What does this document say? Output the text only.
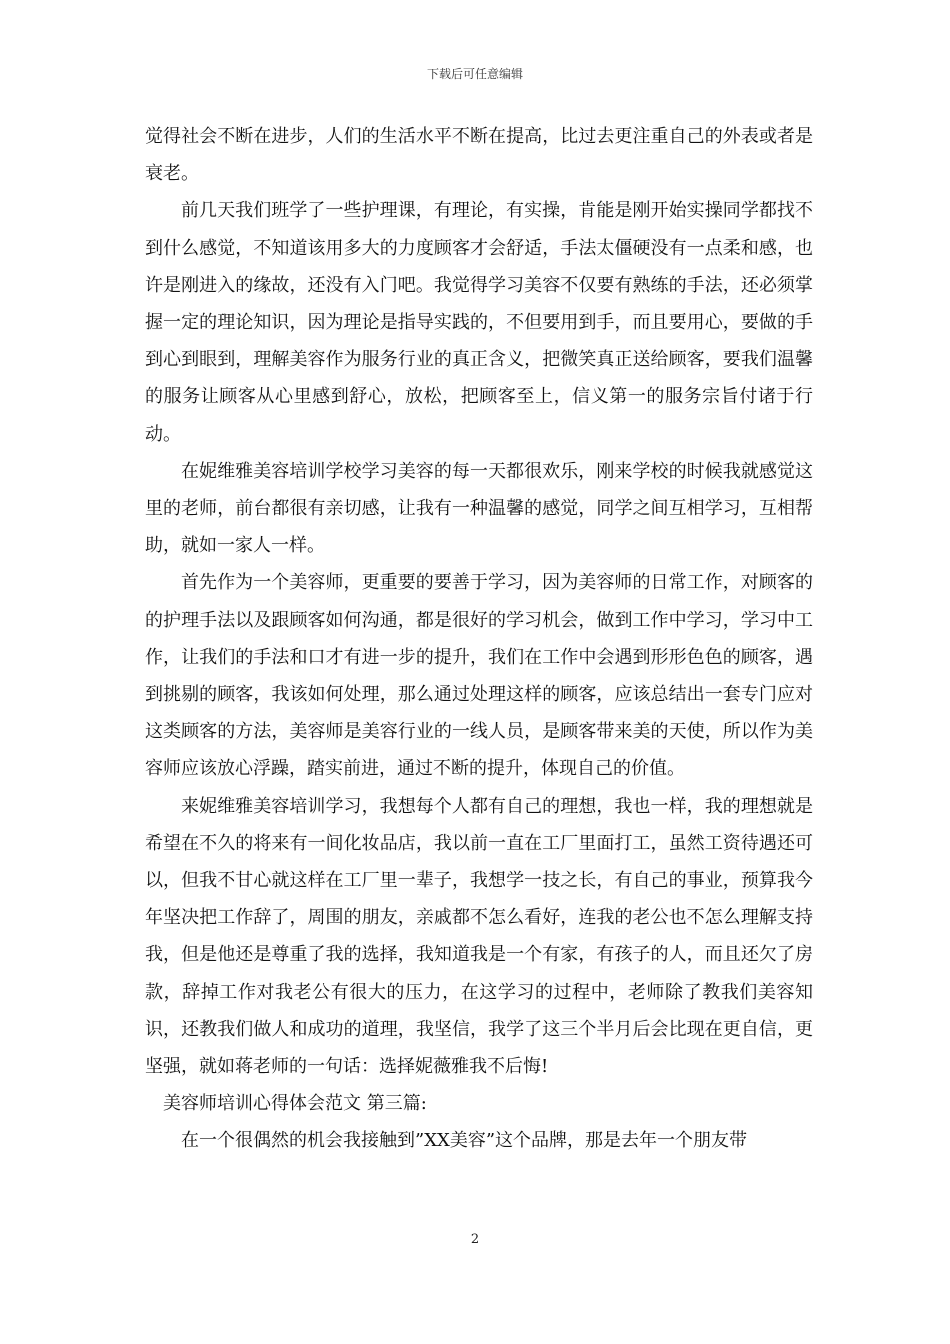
下载后可任意编辑

觉得社会不断在进步，人们的生活水平不断在提高，比过去更注重自己的外表或者是衰老。

前几天我们班学了一些护理课，有理论，有实操，肯能是刚开始实操同学都找不到什么感觉，不知道该用多大的力度顾客才会舒适，手法太僵硬没有一点柔和感，也许是刚进入的缘故，还没有入门吧。我觉得学习美容不仅要有熟练的手法，还必须掌握一定的理论知识，因为理论是指导实践的，不但要用到手，而且要用心，要做的手到心到眼到，理解美容作为服务行业的真正含义，把微笑真正送给顾客，要我们温馨的服务让顾客从心里感到舒心，放松，把顾客至上，信义第一的服务宗旨付诸于行动。

在妮维雅美容培训学校学习美容的每一天都很欢乐，刚来学校的时候我就感觉这里的老师，前台都很有亲切感，让我有一种温馨的感觉，同学之间互相学习，互相帮助，就如一家人一样。

首先作为一个美容师，更重要的要善于学习，因为美容师的日常工作，对顾客的的护理手法以及跟顾客如何沟通，都是很好的学习机会，做到工作中学习，学习中工作，让我们的手法和口才有进一步的提升，我们在工作中会遇到形形色色的顾客，遇到挑剔的顾客，我该如何处理，那么通过处理这样的顾客，应该总结出一套专门应对这类顾客的方法，美容师是美容行业的一线人员，是顾客带来美的天使，所以作为美容师应该放心浮躁，踏实前进，通过不断的提升，体现自己的价值。

来妮维雅美容培训学习，我想每个人都有自己的理想，我也一样，我的理想就是希望在不久的将来有一间化妆品店，我以前一直在工厂里面打工，虽然工资待遇还可以，但我不甘心就这样在工厂里一辈子，我想学一技之长，有自己的事业，预算我今年坚决把工作辞了，周围的朋友，亲戚都不怎么看好，连我的老公也不怎么理解支持我，但是他还是尊重了我的选择，我知道我是一个有家，有孩子的人，而且还欠了房款，辞掉工作对我老公有很大的压力，在这学习的过程中，老师除了教我们美容知识，还教我们做人和成功的道理，我坚信，我学了这三个半月后会比现在更自信，更坚强，就如蒋老师的一句话：选择妮薇雅我不后悔!

美容师培训心得体会范文 第三篇:

在一个很偶然的机会我接触到”XX美容”这个品牌，那是去年一个朋友带

2
